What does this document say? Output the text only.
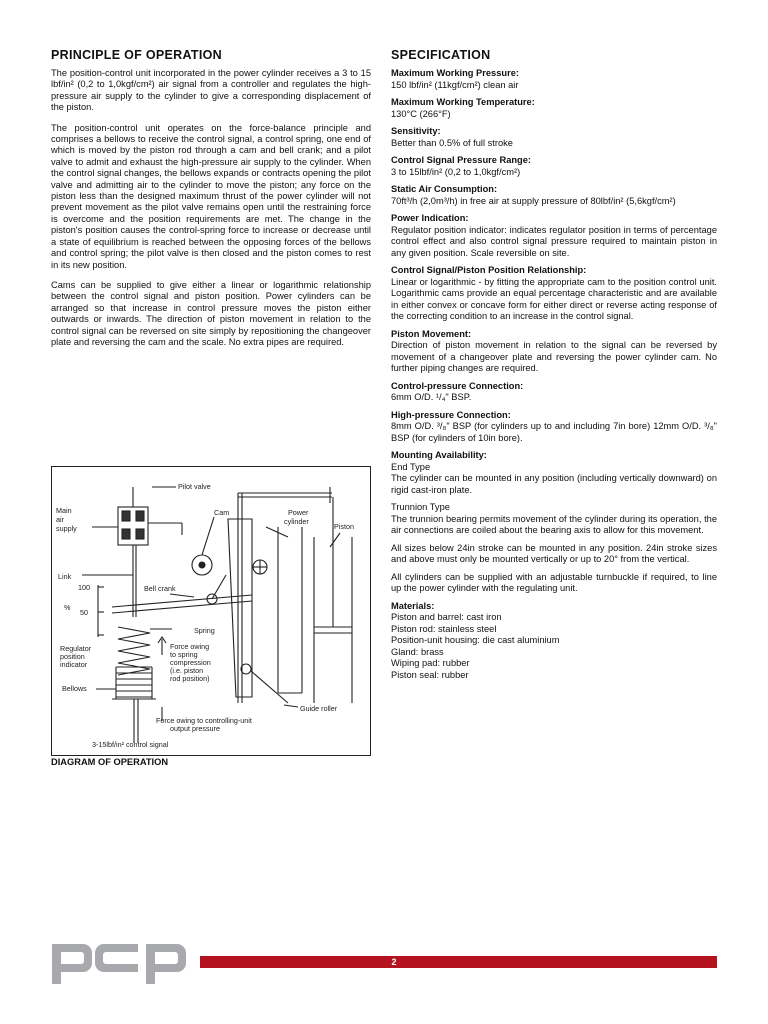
PRINCIPLE OF OPERATION

The position-control unit incorporated in the power cylinder receives a 3 to 15 lbf/in² (0,2 to 1,0kgf/cm²) air signal from a controller and regulates the high-pressure air supply to the cylinder to give a corresponding displacement of the piston.

The position-control unit operates on the force-balance principle and comprises a bellows to receive the control signal, a control spring, one end of which is moved by the piston rod through a cam and bell crank; and a pilot valve to admit and exhaust the high-pressure air supply to the cylinder. When the control signal changes, the bellows expands or contracts opening the pilot valve and admitting air to the cylinder to move the piston; any force on the piston less than the designed maximum thrust of the power cylinder will not prevent movement as the pilot valve remains open until the restraining force is overcome and the position requirements are met. The change in the piston's position causes the control-spring force to increase or decrease until a state of equilibrium is reached between the opposing forces of the bellows and control spring; the pilot valve is then closed and the piston comes to rest in its new position.

Cams can be supplied to give either a linear or logarithmic relationship between the control signal and piston position. Power cylinders can be arranged so that increase in control pressure moves the piston either outwards or inwards. The direction of piston movement in relation to the control signal can be reversed on site simply by repositioning the changeover plate and reversing the cam and the scale. No extra pipes are required.

Pilot valve
Main
air
supply
Cam	Power
cylinder
Piston
Link
100
%
50
Bell crank
Spring
Regulator
position
indicator
Force owing
to spring
compression
(i.e. piston
rod position)
Bellows
Guide roller
Force owing to controlling-unit
output pressure
3-15lbf/in² control signal
DIAGRAM OF OPERATION
SPECIFICATION
Maximum Working Pressure:
150 lbf/in² (11kgf/cm²) clean air
Maximum Working Temperature:
130°C (266°F)
Sensitivity:
Better than 0.5% of full stroke
Control Signal Pressure Range:
3 to 15lbf/in² (0,2 to 1,0kgf/cm²)
Static Air Consumption:
70ft³/h (2,0m³/h) in free air at supply pressure of 80lbf/in² (5,6kgf/cm²)
Power Indication:
Regulator position indicator: indicates regulator position in terms of percentage control effect and also control signal pressure required to maintain piston in any given position. Scale reversible on site.
Control Signal/Piston Position Relationship:
Linear or logarithmic - by fitting the appropriate cam to the position control unit. Logarithmic cams provide an equal percentage characteristic and are available in either convex or concave form for either direct or reverse acting response of the correcting condition to an increase in the control signal.
Piston Movement:
Direction of piston movement in relation to the signal can be reversed by movement of a changeover plate and reversing the power cylinder cam. No further piping changes are required.
Control-pressure Connection:
6mm O/D. ¹/₄" BSP.
High-pressure Connection:
8mm O/D. ³/₈" BSP (for cylinders up to and including 7in bore) 12mm O/D. ³/₈" BSP (for cylinders of 10in bore).
Mounting Availability:
End Type
The cylinder can be mounted in any position (including vertically downward) on rigid cast-iron plate.
Trunnion Type
The trunnion bearing permits movement of the cylinder during its operation, the air connections are coiled about the bearing axis to allow for this movement.
All sizes below 24in stroke can be mounted in any position. 24in stroke sizes and above must only be mounted vertically or up to 20° from the vertical.
All cylinders can be supplied with an adjustable turnbuckle if required, to line up the power cylinder with the regulating unit.
Materials:
Piston and barrel: cast iron
Piston rod: stainless steel
Position-unit housing: die cast aluminium
Gland: brass
Wiping pad: rubber
Piston seal: rubber
pcp
2
